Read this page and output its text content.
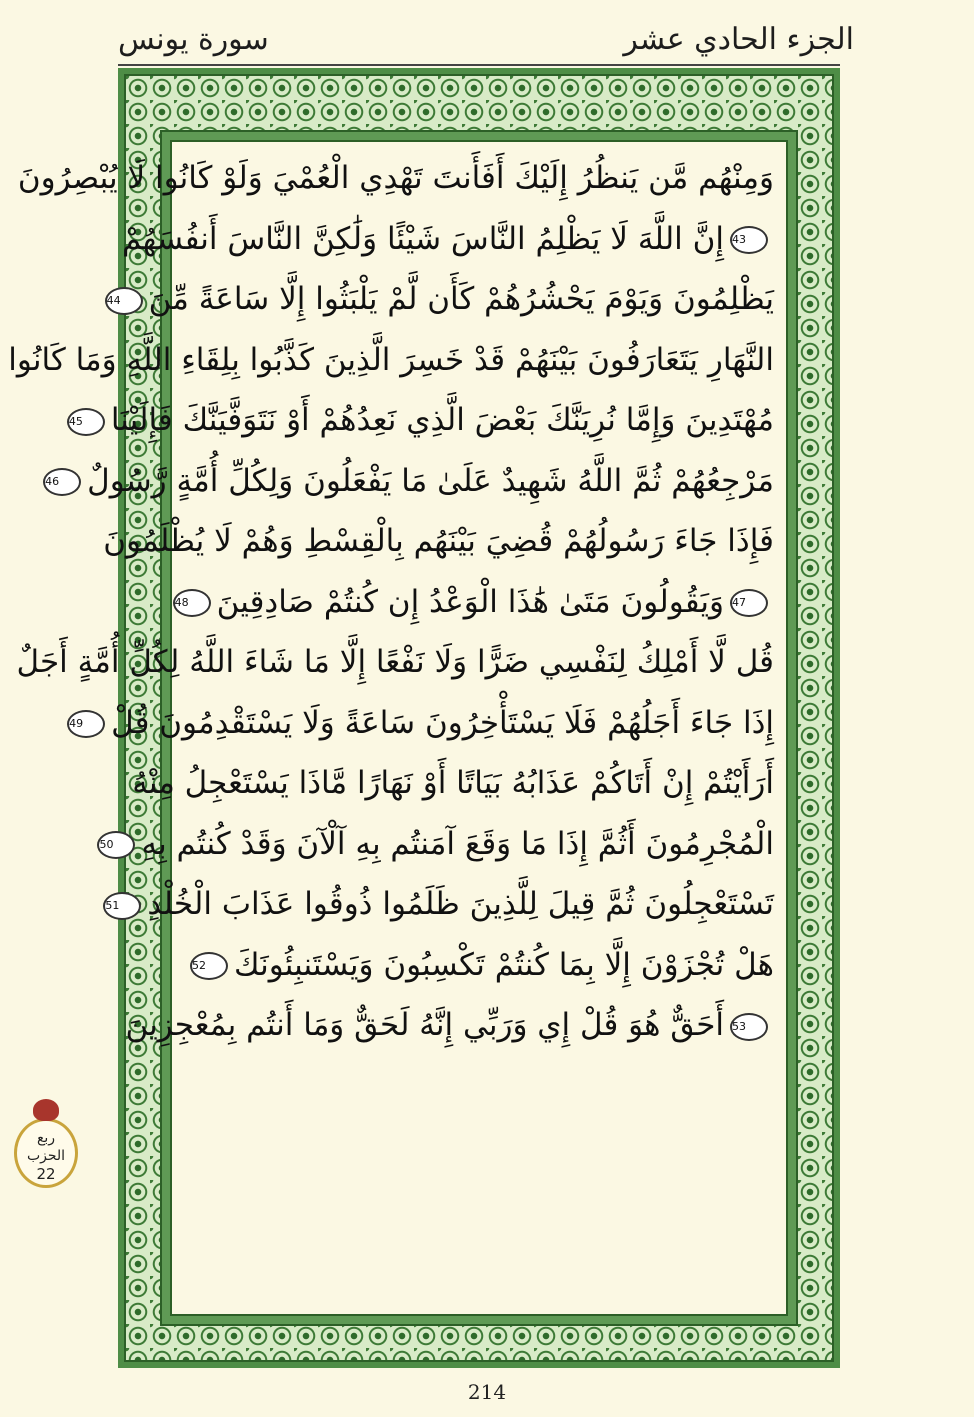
سورة يونس	الجزء الحادي عشر
وَمِنْهُم مَّن يَنظُرُ إِلَيْكَ أَفَأَنتَ تَهْدِي الْعُمْيَ وَلَوْ كَانُوا لَا يُبْصِرُونَ
43إِنَّ اللَّهَ لَا يَظْلِمُ النَّاسَ شَيْئًا وَلَٰكِنَّ النَّاسَ أَنفُسَهُمْ
يَظْلِمُونَ وَيَوْمَ يَحْشُرُهُمْ كَأَن لَّمْ يَلْبَثُوا إِلَّا سَاعَةً مِّنَ44
النَّهَارِ يَتَعَارَفُونَ بَيْنَهُمْ قَدْ خَسِرَ الَّذِينَ كَذَّبُوا بِلِقَاءِ اللَّهِ وَمَا كَانُوا
مُهْتَدِينَ وَإِمَّا نُرِيَنَّكَ بَعْضَ الَّذِي نَعِدُهُمْ أَوْ نَتَوَفَّيَنَّكَ فَإِلَيْنَا45
مَرْجِعُهُمْ ثُمَّ اللَّهُ شَهِيدٌ عَلَىٰ مَا يَفْعَلُونَ وَلِكُلِّ أُمَّةٍ رَّسُولٌ46
فَإِذَا جَاءَ رَسُولُهُمْ قُضِيَ بَيْنَهُم بِالْقِسْطِ وَهُمْ لَا يُظْلَمُونَ
47وَيَقُولُونَ مَتَىٰ هَٰذَا الْوَعْدُ إِن كُنتُمْ صَادِقِينَ48
قُل لَّا أَمْلِكُ لِنَفْسِي ضَرًّا وَلَا نَفْعًا إِلَّا مَا شَاءَ اللَّهُ لِكُلِّ أُمَّةٍ أَجَلٌ
إِذَا جَاءَ أَجَلُهُمْ فَلَا يَسْتَأْخِرُونَ سَاعَةً وَلَا يَسْتَقْدِمُونَ قُلْ49
أَرَأَيْتُمْ إِنْ أَتَاكُمْ عَذَابُهُ بَيَاتًا أَوْ نَهَارًا مَّاذَا يَسْتَعْجِلُ مِنْهُ
الْمُجْرِمُونَ أَثُمَّ إِذَا مَا وَقَعَ آمَنتُم بِهِ آلْآنَ وَقَدْ كُنتُم بِهِ50
تَسْتَعْجِلُونَ ثُمَّ قِيلَ لِلَّذِينَ ظَلَمُوا ذُوقُوا عَذَابَ الْخُلْدِ51
هَلْ تُجْزَوْنَ إِلَّا بِمَا كُنتُمْ تَكْسِبُونَ وَيَسْتَنبِئُونَكَ52
53أَحَقٌّ هُوَ قُلْ إِي وَرَبِّي إِنَّهُ لَحَقٌّ وَمَا أَنتُم بِمُعْجِزِينَ
ربع الحزب
22
214
